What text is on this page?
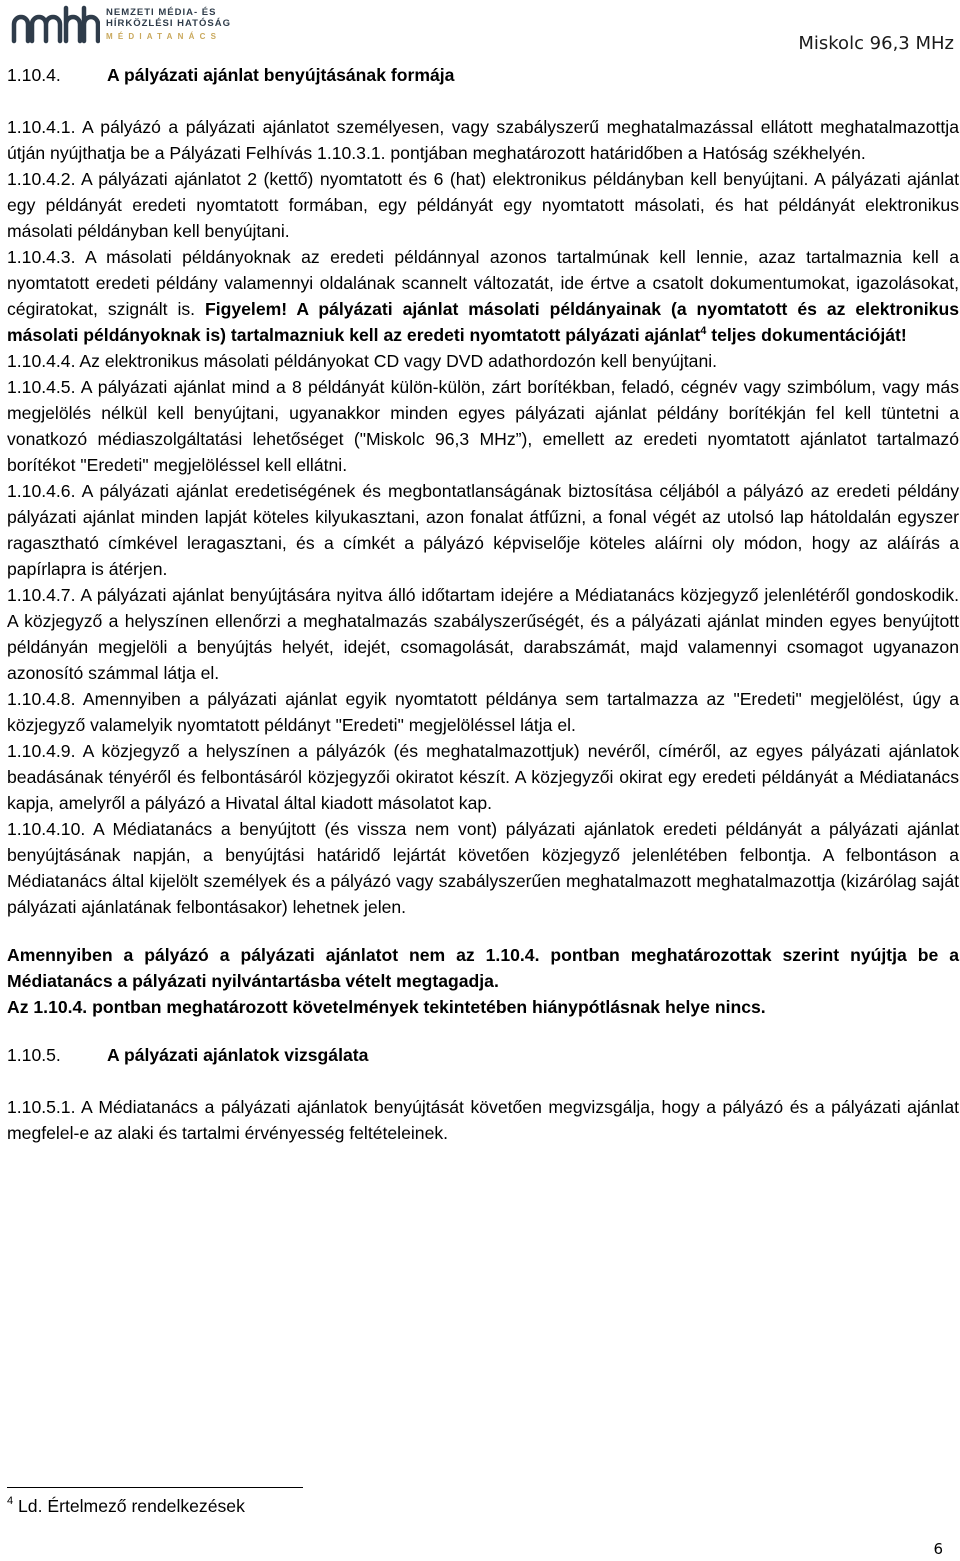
NEMZETI MÉDIA- ÉS
HÍRKÖZLÉSI HATÓSÁG
MÉDIATANÁCS	Miskolc 96,3 MHz
1.10.4.	A pályázati ajánlat benyújtásának formája

1.10.4.1. A pályázó a pályázati ajánlatot személyesen, vagy szabályszerű meghatalmazással ellátott meghatalmazottja útján nyújthatja be a Pályázati Felhívás 1.10.3.1. pontjában meghatározott határidőben a Hatóság székhelyén.

1.10.4.2. A pályázati ajánlatot 2 (kettő) nyomtatott és 6 (hat) elektronikus példányban kell benyújtani. A pályázati ajánlat egy példányát eredeti nyomtatott formában, egy példányát egy nyomtatott másolati, és hat példányát elektronikus másolati példányban kell benyújtani.

1.10.4.3. A másolati példányoknak az eredeti példánnyal azonos tartalmúnak kell lennie, azaz tartalmaznia kell a nyomtatott eredeti példány valamennyi oldalának scannelt változatát, ide értve a csatolt dokumentumokat, igazolásokat, cégiratokat, szignált is. Figyelem! A pályázati ajánlat másolati példányainak (a nyomtatott és az elektronikus másolati példányoknak is) tartalmazniuk kell az eredeti nyomtatott pályázati ajánlat$^4$ teljes dokumentációját!

1.10.4.4. Az elektronikus másolati példányokat CD vagy DVD adathordozón kell benyújtani.

1.10.4.5. A pályázati ajánlat mind a 8 példányát külön-külön, zárt borítékban, feladó, cégnév vagy szimbólum, vagy más megjelölés nélkül kell benyújtani, ugyanakkor minden egyes pályázati ajánlat példány borítékján fel kell tüntetni a vonatkozó médiaszolgáltatási lehetőséget ("Miskolc 96,3 MHz”), emellett az eredeti nyomtatott ajánlatot tartalmazó borítékot "Eredeti" megjelöléssel kell ellátni.

1.10.4.6. A pályázati ajánlat eredetiségének és megbontatlanságának biztosítása céljából a pályázó az eredeti példány pályázati ajánlat minden lapját köteles kilyukasztani, azon fonalat átfűzni, a fonal végét az utolsó lap hátoldalán egyszer ragasztható címkével leragasztani, és a címkét a pályázó képviselője köteles aláírni oly módon, hogy az aláírás a papírlapra is átérjen.

1.10.4.7. A pályázati ajánlat benyújtására nyitva álló időtartam idejére a Médiatanács közjegyző jelenlétéről gondoskodik. A közjegyző a helyszínen ellenőrzi a meghatalmazás szabályszerűségét, és a pályázati ajánlat minden egyes benyújtott példányán megjelöli a benyújtás helyét, idejét, csomagolását, darabszámát, majd valamennyi csomagot ugyanazon azonosító számmal látja el.

1.10.4.8. Amennyiben a pályázati ajánlat egyik nyomtatott példánya sem tartalmazza az "Eredeti" megjelölést, úgy a közjegyző valamelyik nyomtatott példányt "Eredeti" megjelöléssel látja el.

1.10.4.9. A közjegyző a helyszínen a pályázók (és meghatalmazottjuk) nevéről, címéről, az egyes pályázati ajánlatok beadásának tényéről és felbontásáról közjegyzői okiratot készít. A közjegyzői okirat egy eredeti példányát a Médiatanács kapja, amelyről a pályázó a Hivatal által kiadott másolatot kap.

1.10.4.10. A Médiatanács a benyújtott (és vissza nem vont) pályázati ajánlatok eredeti példányát a pályázati ajánlat benyújtásának napján, a benyújtási határidő lejártát követően közjegyző jelenlétében felbontja. A felbontáson a Médiatanács által kijelölt személyek és a pályázó vagy szabályszerűen meghatalmazott meghatalmazottja (kizárólag saját pályázati ajánlatának felbontásakor) lehetnek jelen.

Amennyiben a pályázó a pályázati ajánlatot nem az 1.10.4. pontban meghatározottak szerint nyújtja be a Médiatanács a pályázati nyilvántartásba vételt megtagadja.

Az 1.10.4. pontban meghatározott követelmények tekintetében hiánypótlásnak helye nincs.

1.10.5.	A pályázati ajánlatok vizsgálata

1.10.5.1. A Médiatanács a pályázati ajánlatok benyújtását követően megvizsgálja, hogy a pályázó és a pályázati ajánlat megfelel-e az alaki és tartalmi érvényesség feltételeinek.

$^4$ Ld. Értelmező rendelkezések
6
